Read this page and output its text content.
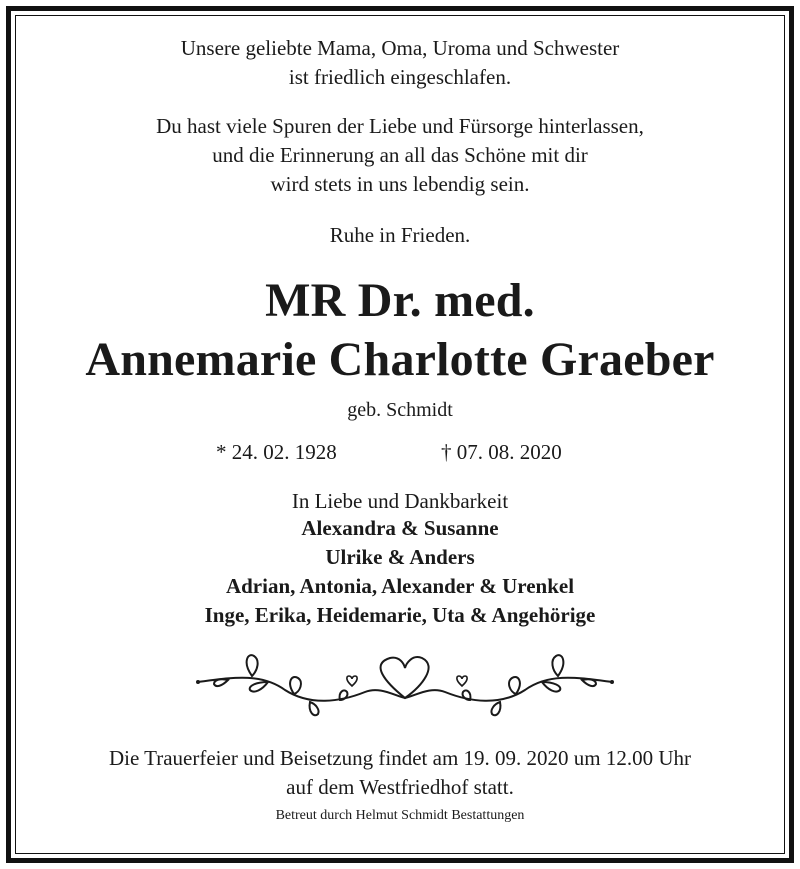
Unsere geliebte Mama, Oma, Uroma und Schwester
ist friedlich eingeschlafen.
Du hast viele Spuren der Liebe und Fürsorge hinterlassen,
und die Erinnerung an all das Schöne mit dir
wird stets in uns lebendig sein.
Ruhe in Frieden.
MR Dr. med.
Annemarie Charlotte Graeber
geb. Schmidt
* 24. 02. 1928	† 07. 08. 2020
In Liebe und Dankbarkeit
Alexandra & Susanne
Ulrike & Anders
Adrian, Antonia, Alexander & Urenkel
Inge, Erika, Heidemarie, Uta & Angehörige
Die Trauerfeier und Beisetzung findet am 19. 09. 2020 um 12.00 Uhr
auf dem Westfriedhof statt.
Betreut durch Helmut Schmidt Bestattungen
